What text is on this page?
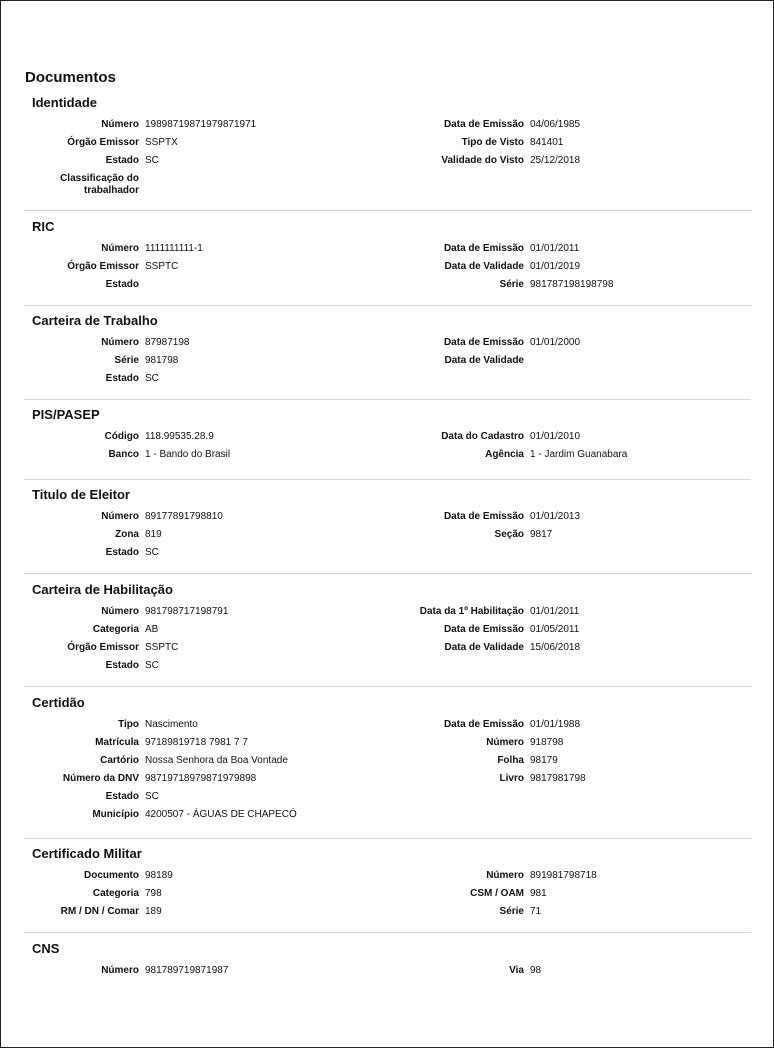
Documentos
Identidade
Número 19898719871979871971
Órgão Emissor SSPTX
Estado SC
Classificação do trabalhador
Data de Emissão 04/06/1985
Tipo de Visto 841401
Validade do Visto 25/12/2018
RIC
Número 1111111111-1
Órgão Emissor SSPTC
Estado
Data de Emissão 01/01/2011
Data de Validade 01/01/2019
Série 981787198198798
Carteira de Trabalho
Número 87987198
Série 981798
Estado SC
Data de Emissão 01/01/2000
Data de Validade
PIS/PASEP
Código 118.99535.28.9
Banco 1 - Bando do Brasil
Data do Cadastro 01/01/2010
Agência 1 - Jardim Guanabara
Titulo de Eleitor
Número 89177891798810
Zona 819
Estado SC
Data de Emissão 01/01/2013
Seção 9817
Carteira de Habilitação
Número 981798717198791
Categoria AB
Órgão Emissor SSPTC
Estado SC
Data da 1º Habilitação 01/01/2011
Data de Emissão 01/05/2011
Data de Validade 15/06/2018
Certidão
Tipo Nascimento
Matrícula 97189819718 7981 7 7
Cartório Nossa Senhora da Boa Vontade
Número da DNV 98719718979871979898
Estado SC
Município 4200507 - ÁGUAS DE CHAPECÓ
Data de Emissão 01/01/1988
Número 918798
Folha 98179
Livro 9817981798
Certificado Militar
Documento 98189
Categoria 798
RM / DN / Comar 189
Número 891981798718
CSM / OAM 981
Série 71
CNS
Número 981789719871987	Via 98
